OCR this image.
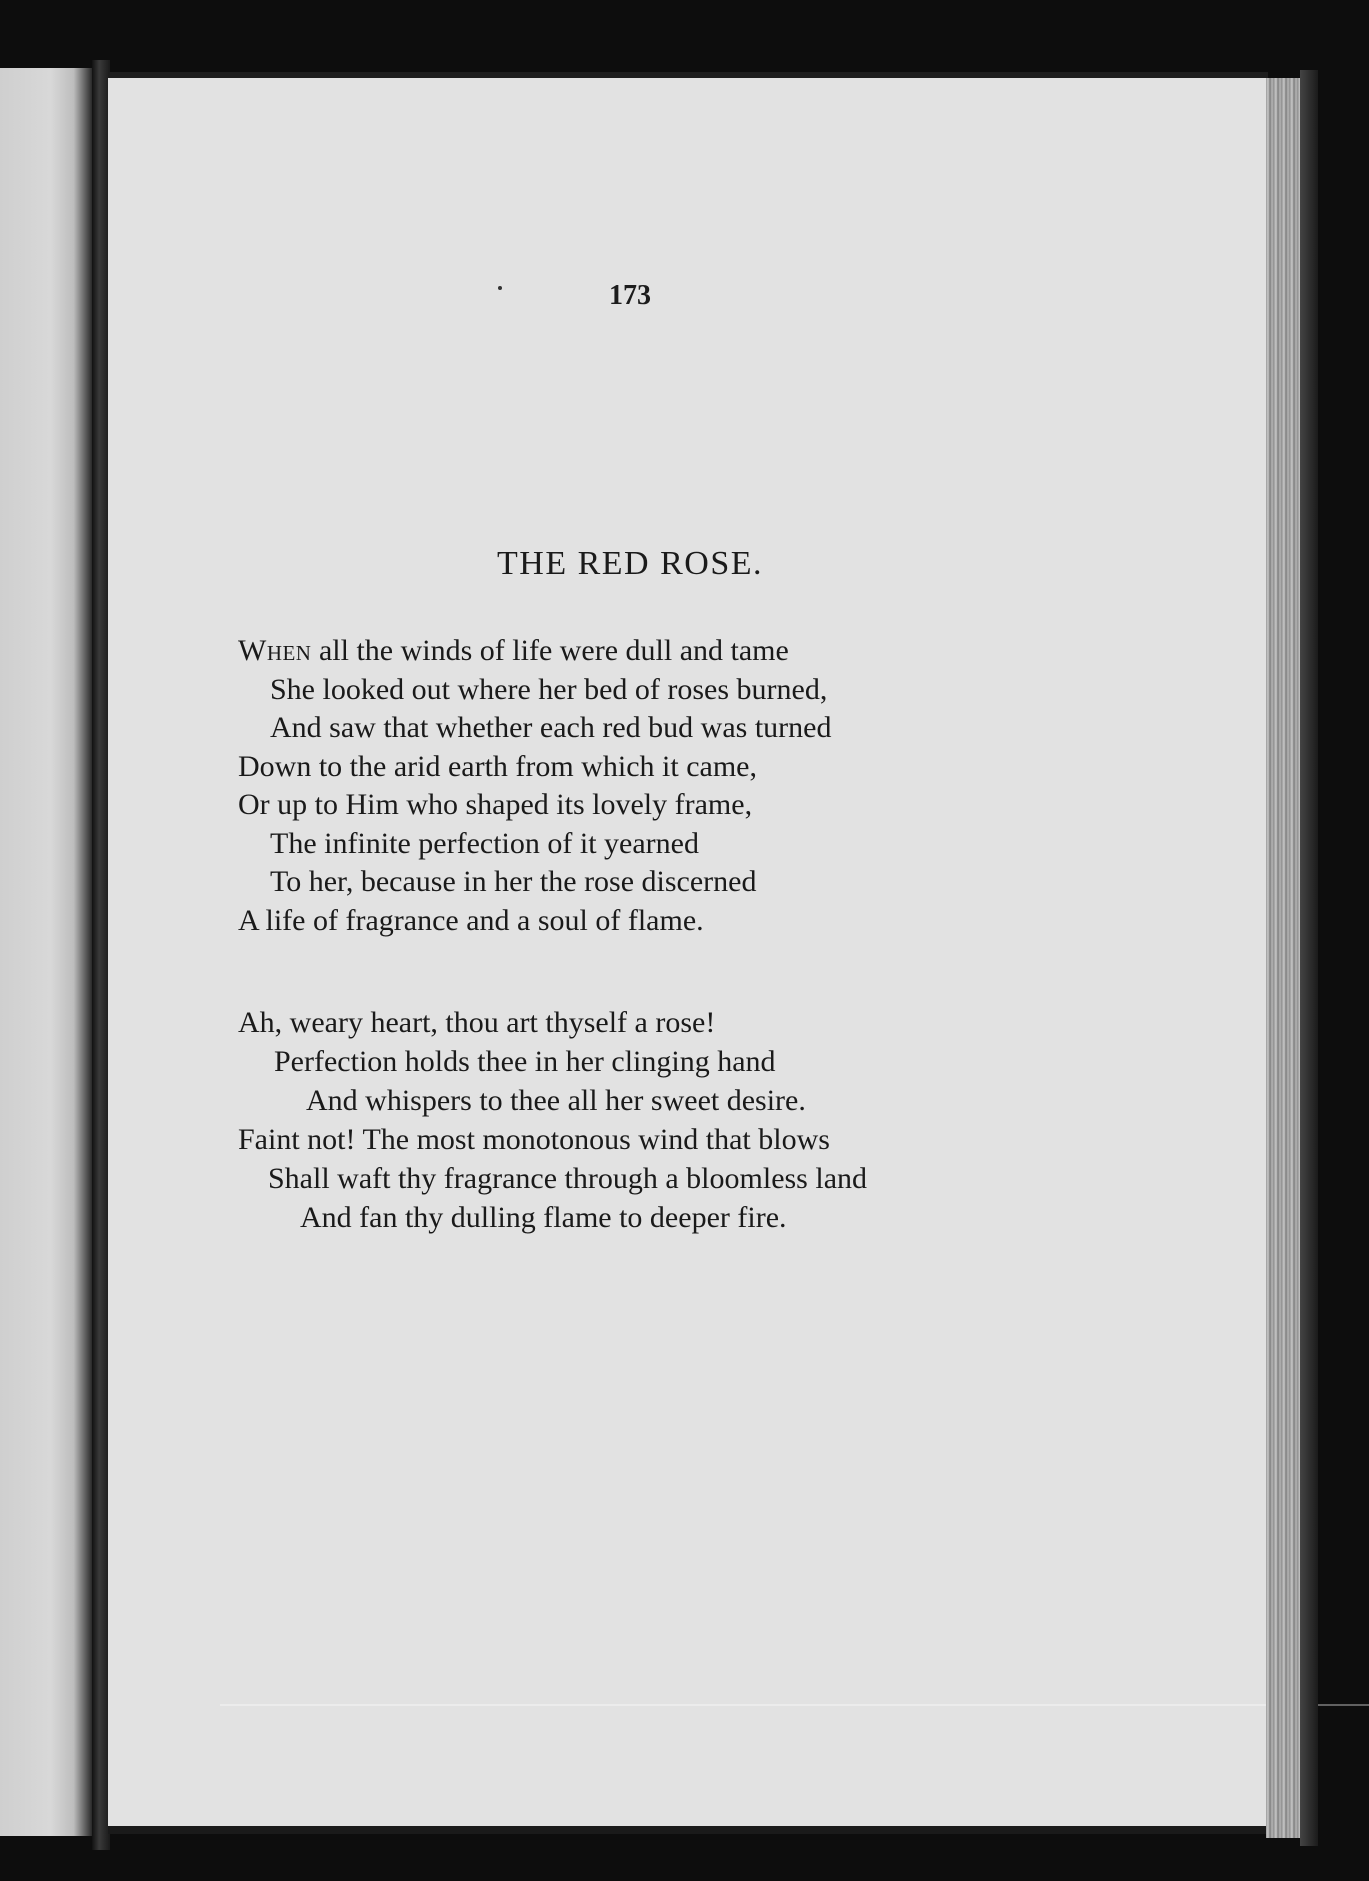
173
THE RED ROSE.
When all the winds of life were dull and tame
She looked out where her bed of roses burned,
And saw that whether each red bud was turned
Down to the arid earth from which it came,
Or up to Him who shaped its lovely frame,
The infinite perfection of it yearned
To her, because in her the rose discerned
A life of fragrance and a soul of flame.
Ah, weary heart, thou art thyself a rose!
Perfection holds thee in her clinging hand
And whispers to thee all her sweet desire.
Faint not! The most monotonous wind that blows
Shall waft thy fragrance through a bloomless land
And fan thy dulling flame to deeper fire.
